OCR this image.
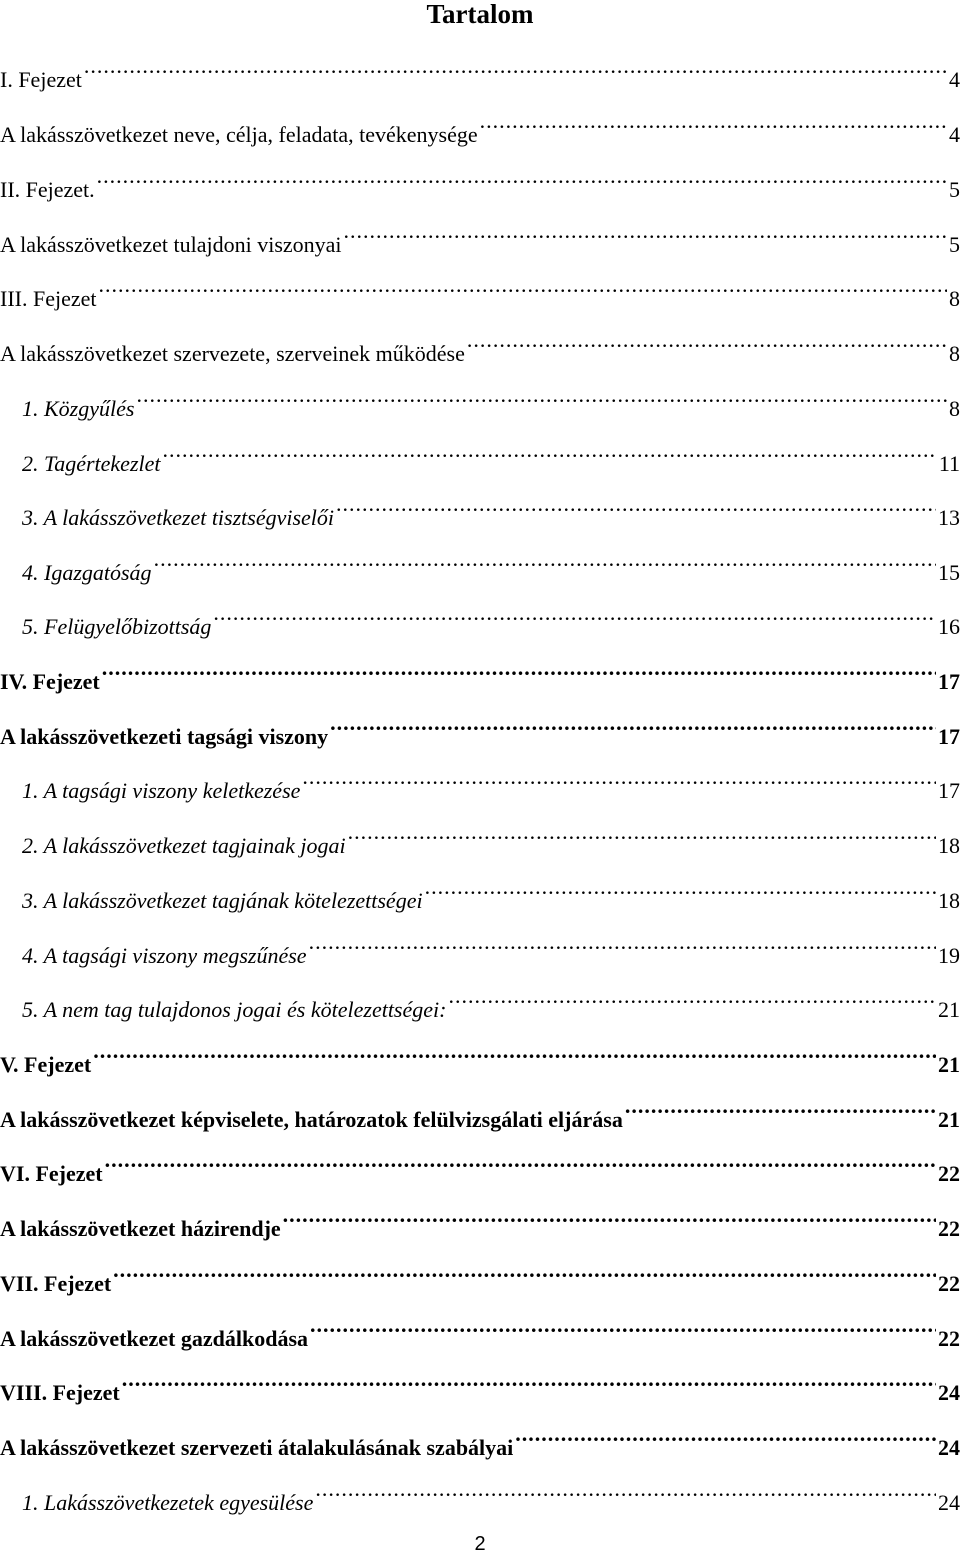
Tartalom
I. Fejezet .....	4
A lakásszövetkezet neve, célja, feladata, tevékenysége .....	4
II. Fejezet. .....	5
A lakásszövetkezet tulajdoni viszonyai .....	5
III. Fejezet .....	8
A lakásszövetkezet szervezete, szerveinek működése .....	8
1. Közgyűlés .....	8
2. Tagértekezlet .....	11
3. A lakásszövetkezet tisztségviselői .....	13
4. Igazgatóság .....	15
5. Felügyelőbizottság .....	16
IV. Fejezet .....	17
A lakásszövetkezeti tagsági viszony .....	17
1. A tagsági viszony keletkezése .....	17
2. A lakásszövetkezet tagjainak jogai .....	18
3. A lakásszövetkezet tagjának kötelezettségei .....	18
4. A tagsági viszony megszűnése .....	19
5. A nem tag tulajdonos jogai és kötelezettségei: .....	21
V. Fejezet .....	21
A lakásszövetkezet képviselete, határozatok felülvizsgálati eljárása .....	21
VI. Fejezet .....	22
A lakásszövetkezet házirendje .....	22
VII. Fejezet .....	22
A lakásszövetkezet gazdálkodása .....	22
VIII. Fejezet .....	24
A lakásszövetkezet szervezeti átalakulásának szabályai .....	24
1. Lakásszövetkezetek egyesülése .....	24
2
